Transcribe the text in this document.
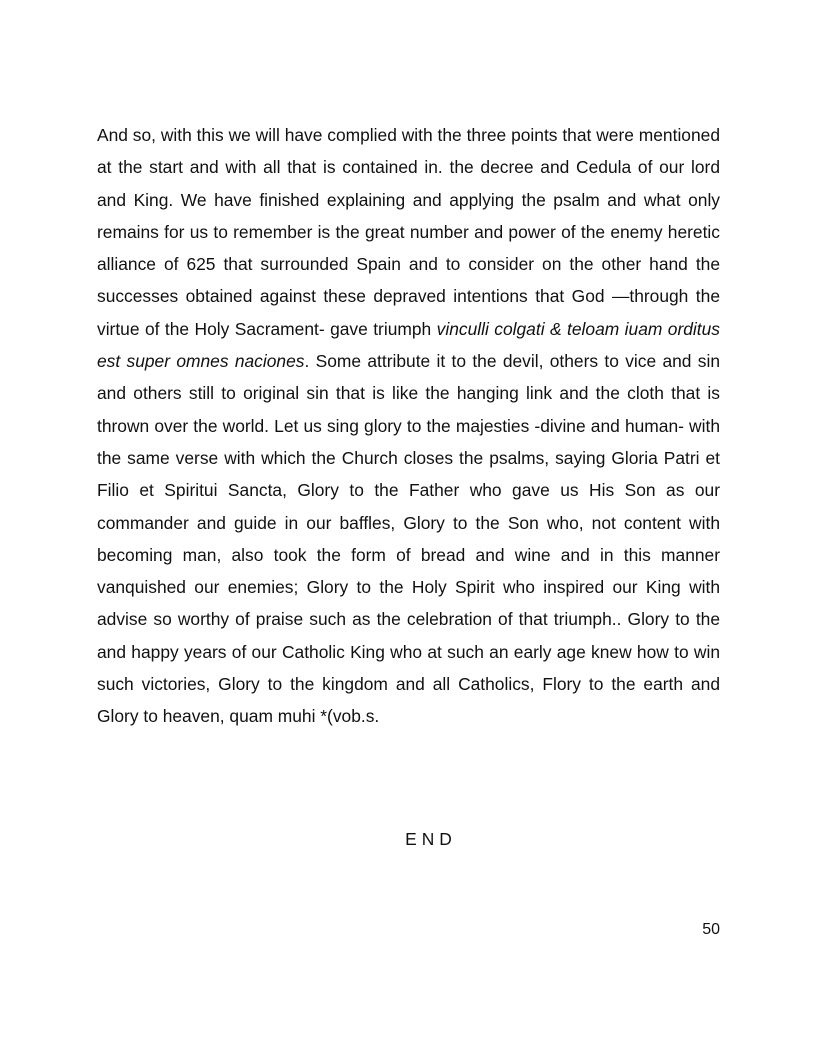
And so, with this we will have complied with the three points that were mentioned at the start and with all that is contained in. the decree and Cedula of our lord and King. We have finished explaining and applying the psalm and what only remains for us to remember is the great number and power of the enemy heretic alliance of 625 that surrounded Spain and to consider on the other hand the successes obtained against these depraved intentions that God —through the virtue of the Holy Sacrament- gave triumph vinculli colgati & teloam iuam orditus est super omnes naciones. Some attribute it to the devil, others to vice and sin and others still to original sin that is like the hanging link and the cloth that is thrown over the world. Let us sing glory to the majesties -divine and human- with the same verse with which the Church closes the psalms, saying Gloria Patri et Filio et Spiritui Sancta, Glory to the Father who gave us His Son as our commander and guide in our baffles, Glory to the Son who, not content with becoming man, also took the form of bread and wine and in this manner vanquished our enemies; Glory to the Holy Spirit who inspired our King with advise so worthy of praise such as the celebration of that triumph.. Glory to the and happy years of our Catholic King who at such an early age knew how to win such victories, Glory to the kingdom and all Catholics, Flory to the earth and Glory to heaven, quam muhi *(vob.s.

END

50
